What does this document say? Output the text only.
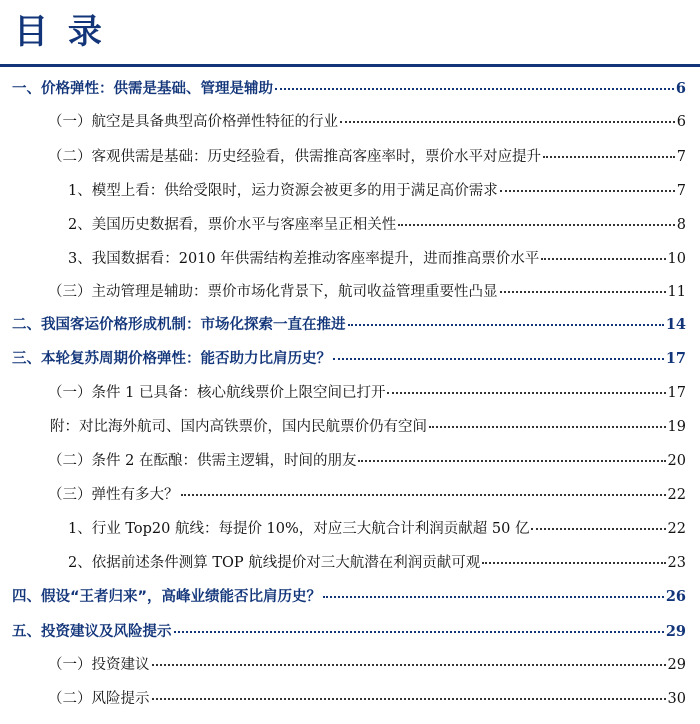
目 录
一、价格弹性：供需是基础、管理是辅助	6
（一）航空是具备典型高价格弹性特征的行业	6
（二）客观供需是基础：历史经验看，供需推高客座率时，票价水平对应提升	7
1、模型上看：供给受限时，运力资源会被更多的用于满足高价需求	7
2、美国历史数据看，票价水平与客座率呈正相关性	8
3、我国数据看：2010 年供需结构差推动客座率提升，进而推高票价水平	10
（三）主动管理是辅助：票价市场化背景下，航司收益管理重要性凸显	11
二、我国客运价格形成机制：市场化探索一直在推进	14
三、本轮复苏周期价格弹性：能否助力比肩历史？	17
（一）条件 1 已具备：核心航线票价上限空间已打开	17
附：对比海外航司、国内高铁票价，国内民航票价仍有空间	19
（二）条件 2 在酝酿：供需主逻辑，时间的朋友	20
（三）弹性有多大？	22
1、行业 Top20 航线：每提价 10%，对应三大航合计利润贡献超 50 亿	22
2、依据前述条件测算 TOP 航线提价对三大航潜在利润贡献可观	23
四、假设“王者归来”，高峰业绩能否比肩历史？	26
五、投资建议及风险提示	29
（一）投资建议	29
（二）风险提示	30
